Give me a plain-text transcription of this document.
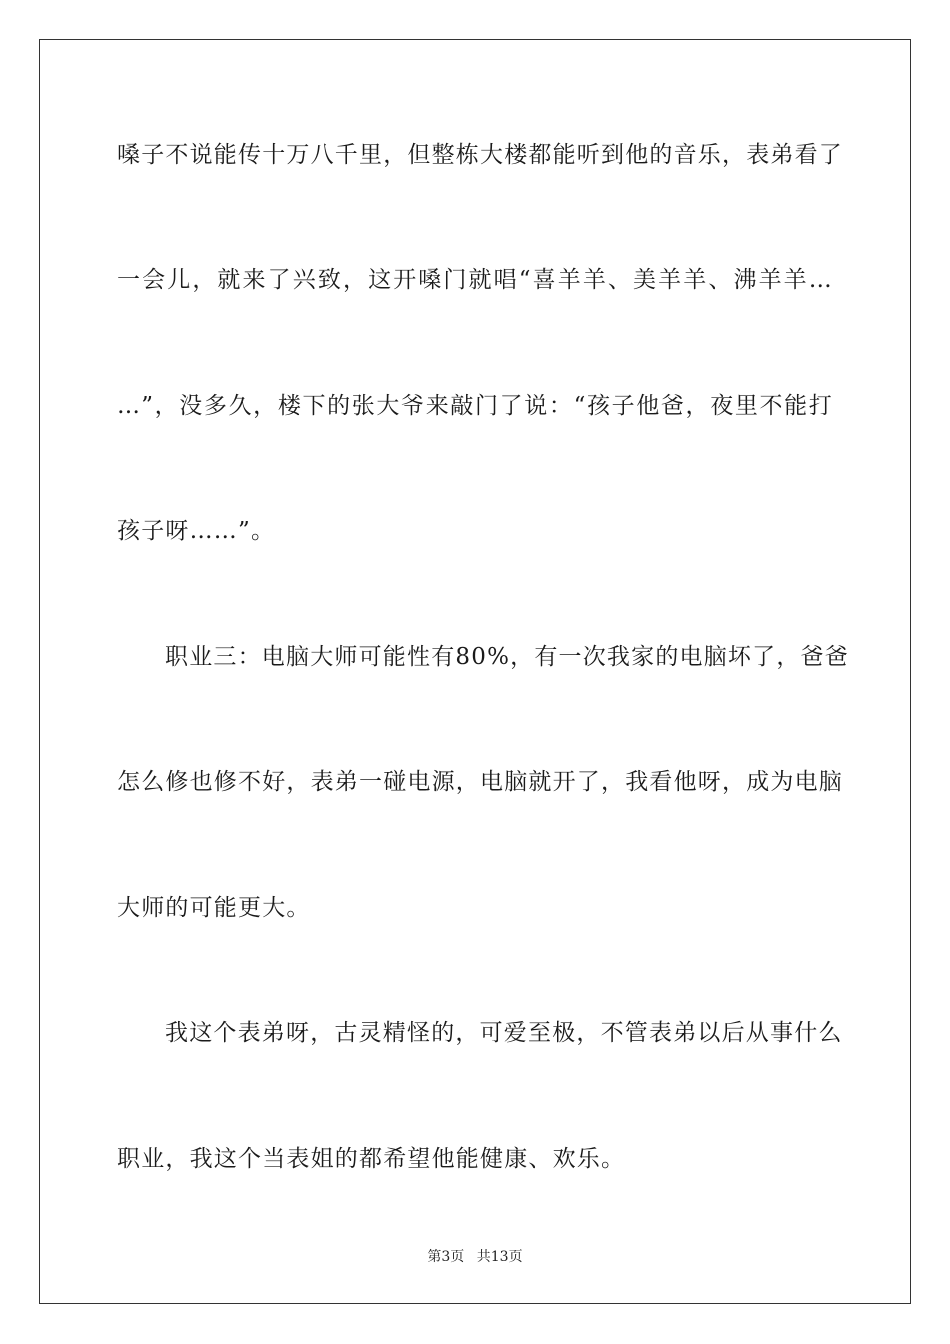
嗓子不说能传十万八千里，但整栋大楼都能听到他的音乐，表弟看了
一会儿，就来了兴致，这开嗓门就唱“喜羊羊、美羊羊、沸羊羊…
…”，没多久，楼下的张大爷来敲门了说：“孩子他爸，夜里不能打
孩子呀……”。
职业三：电脑大师可能性有80%，有一次我家的电脑坏了，爸爸
怎么修也修不好，表弟一碰电源，电脑就开了，我看他呀，成为电脑
大师的可能更大。
我这个表弟呀，古灵精怪的，可爱至极，不管表弟以后从事什么
职业，我这个当表姐的都希望他能健康、欢乐。
第3页 共13页
